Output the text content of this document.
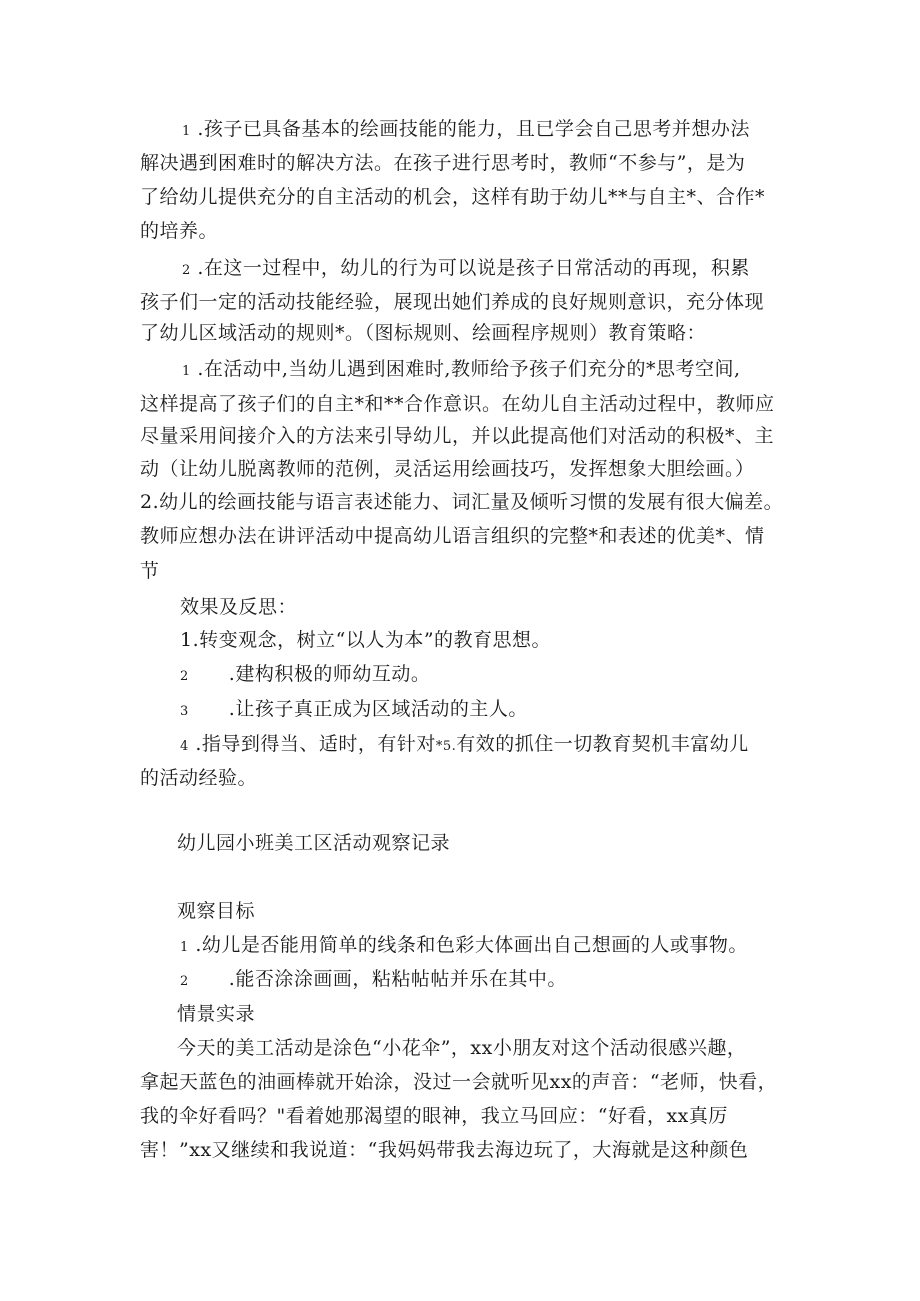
1 .孩子已具备基本的绘画技能的能力，且已学会自己思考并想办法

解决遇到困难时的解决方法。在孩子进行思考时，教师“不参与”，是为

了给幼儿提供充分的自主活动的机会，这样有助于幼儿**与自主*、合作*

的培养。

2 .在这一过程中，幼儿的行为可以说是孩子日常活动的再现，积累

孩子们一定的活动技能经验，展现出她们养成的良好规则意识，充分体现

了幼儿区域活动的规则*。（图标规则、绘画程序规则）教育策略：

1 .在活动中,当幼儿遇到困难时,教师给予孩子们充分的*思考空间,

这样提高了孩子们的自主*和**合作意识。在幼儿自主活动过程中，教师应

尽量采用间接介入的方法来引导幼儿，并以此提高他们对活动的积极*、主

动（让幼儿脱离教师的范例，灵活运用绘画技巧，发挥想象大胆绘画。）

2.幼儿的绘画技能与语言表述能力、词汇量及倾听习惯的发展有很大偏差。

教师应想办法在讲评活动中提高幼儿语言组织的完整*和表述的优美*、情

节

效果及反思：

1.转变观念，树立“以人为本”的教育思想。

2 .建构积极的师幼互动。

3 .让孩子真正成为区域活动的主人。

4 .指导到得当、适时，有针对*5.有效的抓住一切教育契机丰富幼儿

的活动经验。

幼儿园小班美工区活动观察记录

观察目标

1 .幼儿是否能用简单的线条和色彩大体画出自己想画的人或事物。

2 .能否涂涂画画，粘粘帖帖并乐在其中。

情景实录

今天的美工活动是涂色“小花伞”，xx小朋友对这个活动很感兴趣，

拿起天蓝色的油画棒就开始涂，没过一会就听见xx的声音：“老师，快看，

我的伞好看吗？"看着她那渴望的眼神，我立马回应：“好看，xx真厉

害！”xx又继续和我说道：“我妈妈带我去海边玩了，大海就是这种颜色
